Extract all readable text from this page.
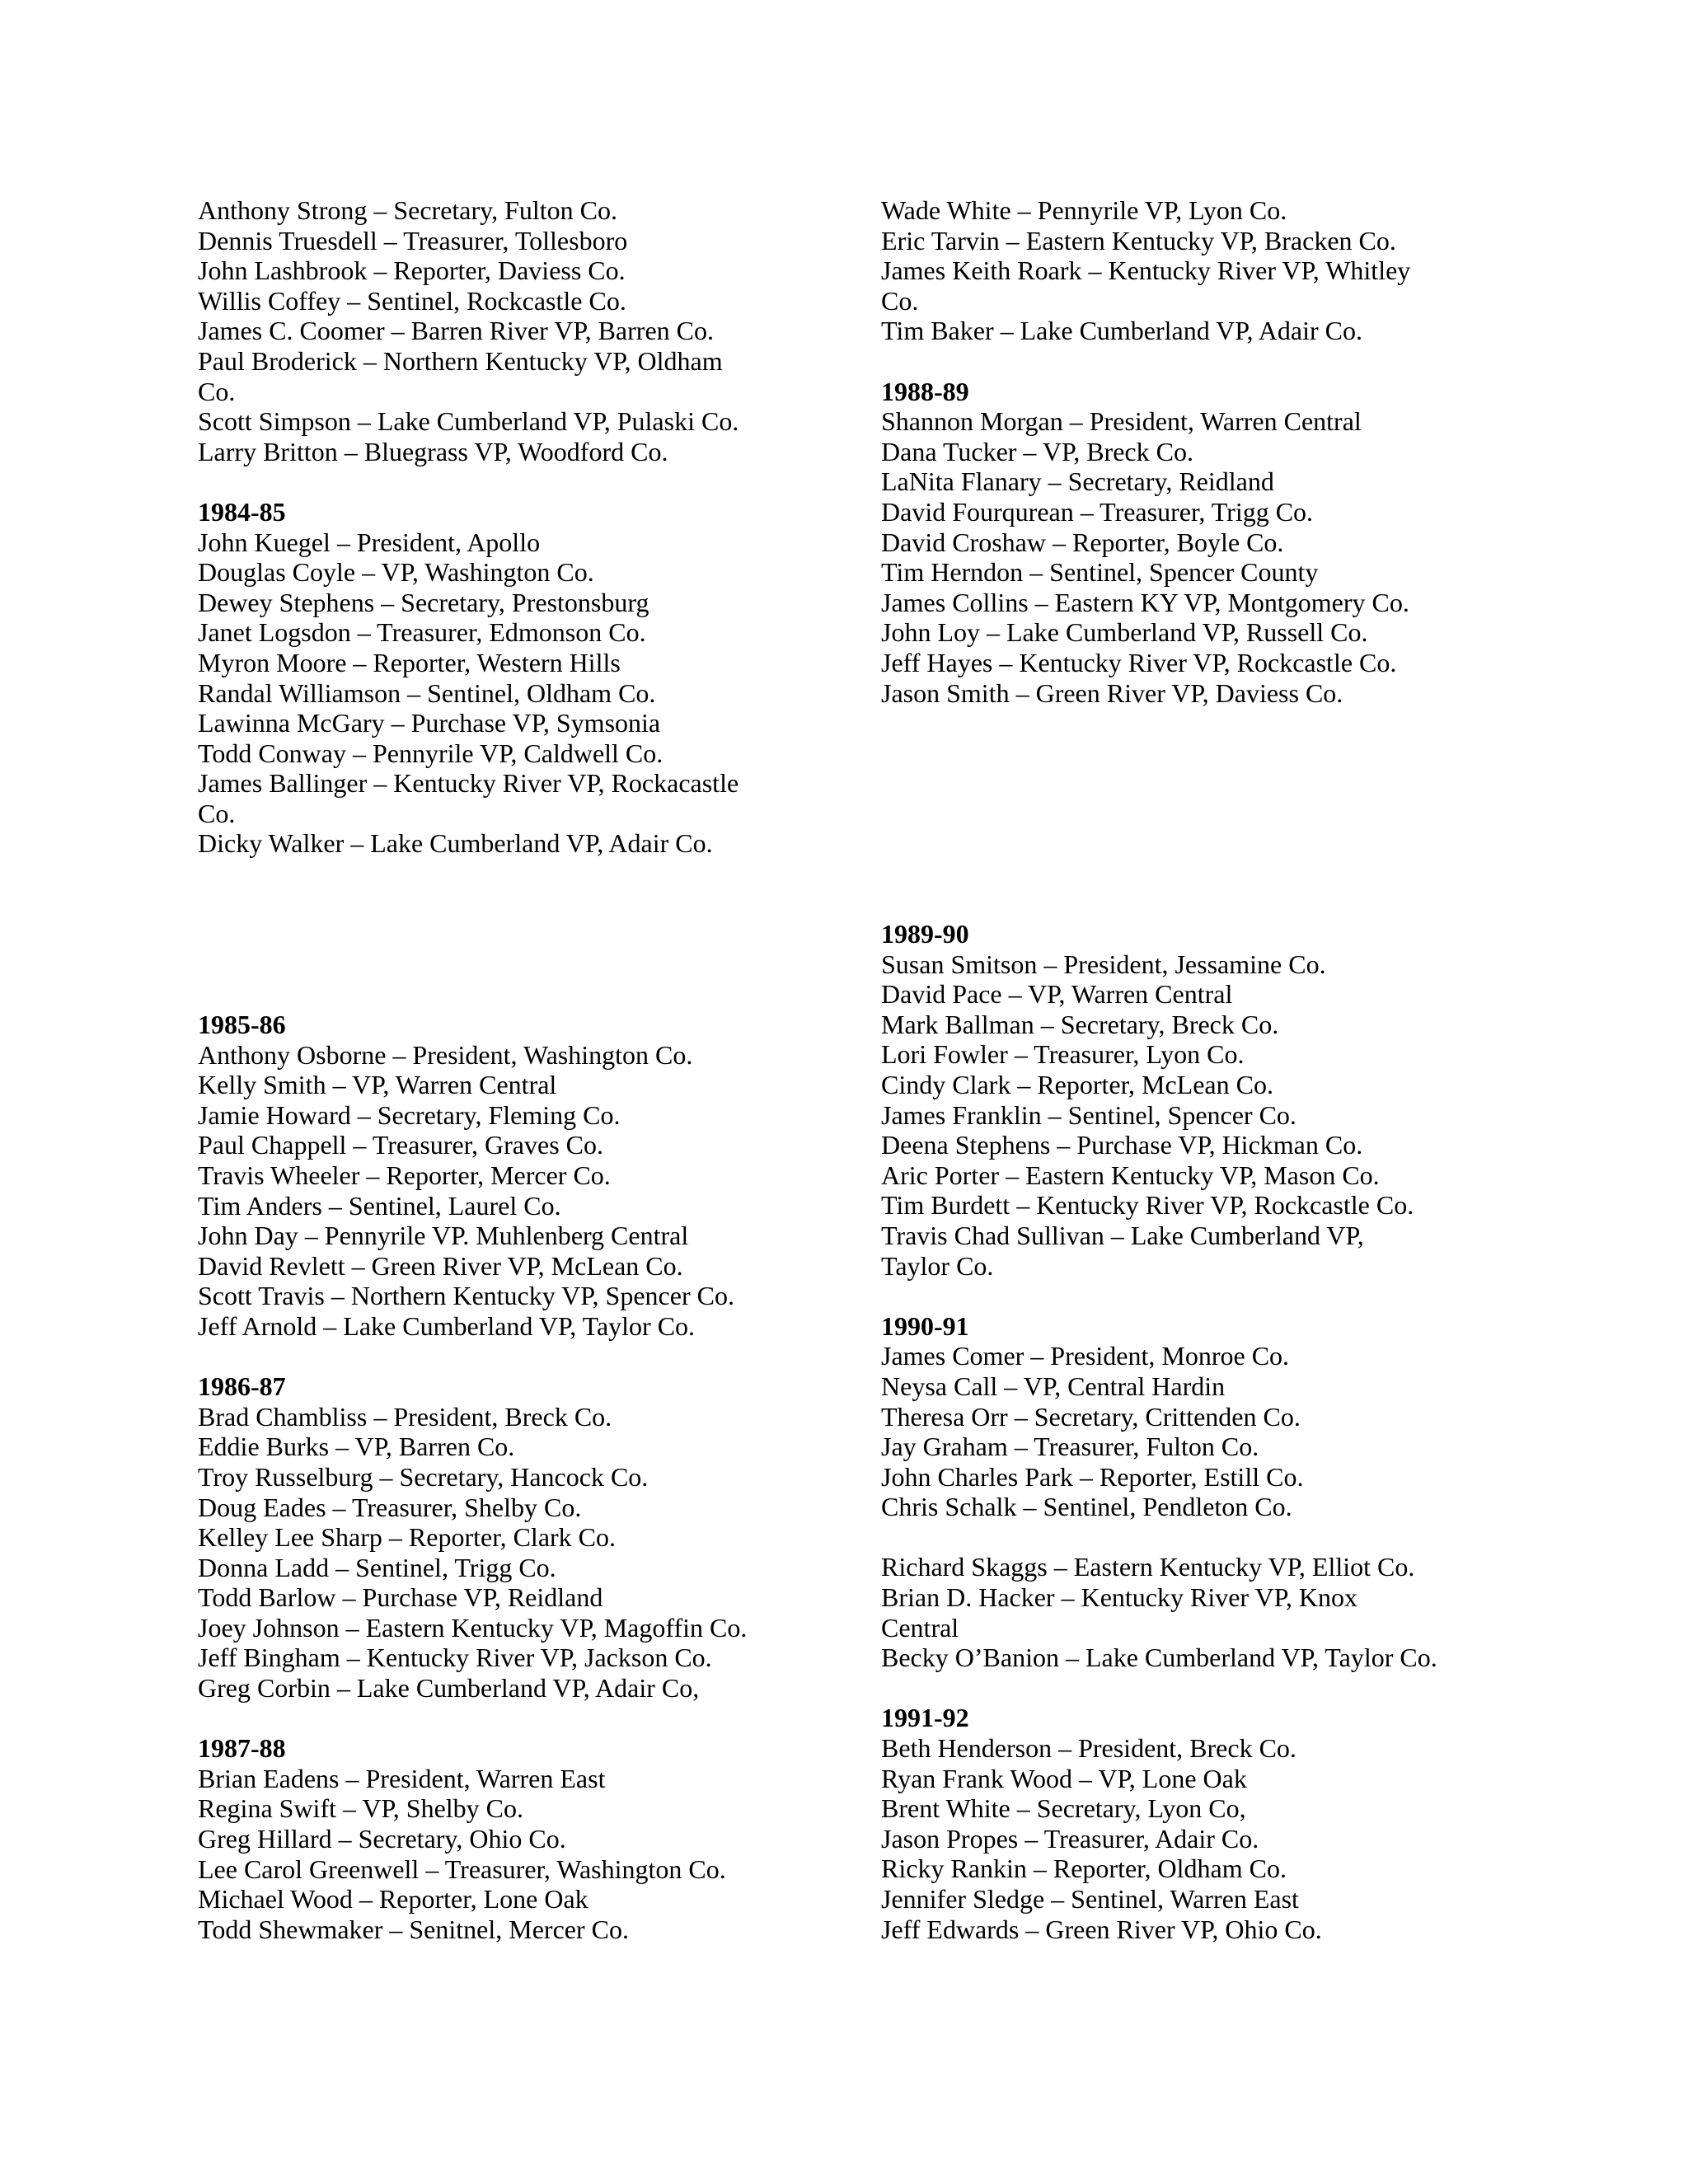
Anthony Strong – Secretary, Fulton Co.
Dennis Truesdell – Treasurer, Tollesboro
John Lashbrook – Reporter, Daviess Co.
Willis Coffey – Sentinel, Rockcastle Co.
James C. Coomer – Barren River VP, Barren Co.
Paul Broderick – Northern Kentucky VP, Oldham
Co.
Scott Simpson – Lake Cumberland VP, Pulaski Co.
Larry Britton – Bluegrass VP, Woodford Co.
1984-85
John Kuegel – President, Apollo
Douglas Coyle – VP, Washington Co.
Dewey Stephens – Secretary, Prestonsburg
Janet Logsdon – Treasurer, Edmonson Co.
Myron Moore – Reporter, Western Hills
Randal Williamson – Sentinel, Oldham Co.
Lawinna McGary – Purchase VP, Symsonia
Todd Conway – Pennyrile VP, Caldwell Co.
James Ballinger – Kentucky River VP, Rockacastle
Co.
Dicky Walker – Lake Cumberland VP, Adair Co.
1985-86
Anthony Osborne – President, Washington Co.
Kelly Smith – VP, Warren Central
Jamie Howard – Secretary, Fleming Co.
Paul Chappell – Treasurer, Graves Co.
Travis Wheeler – Reporter, Mercer Co.
Tim Anders – Sentinel, Laurel Co.
John Day – Pennyrile VP. Muhlenberg Central
David Revlett – Green River VP, McLean Co.
Scott Travis – Northern Kentucky VP, Spencer Co.
Jeff Arnold – Lake Cumberland VP, Taylor Co.
1986-87
Brad Chambliss – President, Breck Co.
Eddie Burks – VP, Barren Co.
Troy Russelburg – Secretary, Hancock Co.
Doug Eades – Treasurer, Shelby Co.
Kelley Lee Sharp – Reporter, Clark Co.
Donna Ladd – Sentinel, Trigg Co.
Todd Barlow – Purchase VP, Reidland
Joey Johnson – Eastern Kentucky VP, Magoffin Co.
Jeff Bingham – Kentucky River VP, Jackson Co.
Greg Corbin – Lake Cumberland VP, Adair Co,
1987-88
Brian Eadens – President, Warren East
Regina Swift – VP, Shelby Co.
Greg Hillard – Secretary, Ohio Co.
Lee Carol Greenwell – Treasurer, Washington Co.
Michael Wood – Reporter, Lone Oak
Todd Shewmaker – Senitnel, Mercer Co.
Wade White – Pennyrile VP, Lyon Co.
Eric Tarvin – Eastern Kentucky VP, Bracken Co.
James Keith Roark – Kentucky River VP, Whitley
Co.
Tim Baker – Lake Cumberland VP, Adair Co.
1988-89
Shannon Morgan – President, Warren Central
Dana Tucker – VP, Breck Co.
LaNita Flanary – Secretary, Reidland
David Fourqurean – Treasurer, Trigg Co.
David Croshaw – Reporter, Boyle Co.
Tim Herndon – Sentinel, Spencer County
James Collins – Eastern KY VP, Montgomery Co.
John Loy – Lake Cumberland VP, Russell Co.
Jeff Hayes – Kentucky River VP, Rockcastle Co.
Jason Smith – Green River VP, Daviess Co.
1989-90
Susan Smitson – President, Jessamine Co.
David Pace – VP, Warren Central
Mark Ballman – Secretary, Breck Co.
Lori Fowler – Treasurer, Lyon Co.
Cindy Clark – Reporter, McLean Co.
James Franklin – Sentinel, Spencer Co.
Deena Stephens – Purchase VP, Hickman Co.
Aric Porter – Eastern Kentucky VP, Mason Co.
Tim Burdett – Kentucky River VP, Rockcastle Co.
Travis Chad Sullivan – Lake Cumberland VP,
Taylor Co.
1990-91
James Comer – President, Monroe Co.
Neysa Call – VP, Central Hardin
Theresa Orr – Secretary, Crittenden Co.
Jay Graham – Treasurer, Fulton Co.
John Charles Park – Reporter, Estill Co.
Chris Schalk – Sentinel, Pendleton Co.
Richard Skaggs – Eastern Kentucky VP, Elliot Co.
Brian D. Hacker – Kentucky River VP, Knox
Central
Becky O’Banion – Lake Cumberland VP, Taylor Co.
1991-92
Beth Henderson – President, Breck Co.
Ryan Frank Wood – VP, Lone Oak
Brent White – Secretary, Lyon Co,
Jason Propes – Treasurer, Adair Co.
Ricky Rankin – Reporter, Oldham Co.
Jennifer Sledge – Sentinel, Warren East
Jeff Edwards – Green River VP, Ohio Co.
